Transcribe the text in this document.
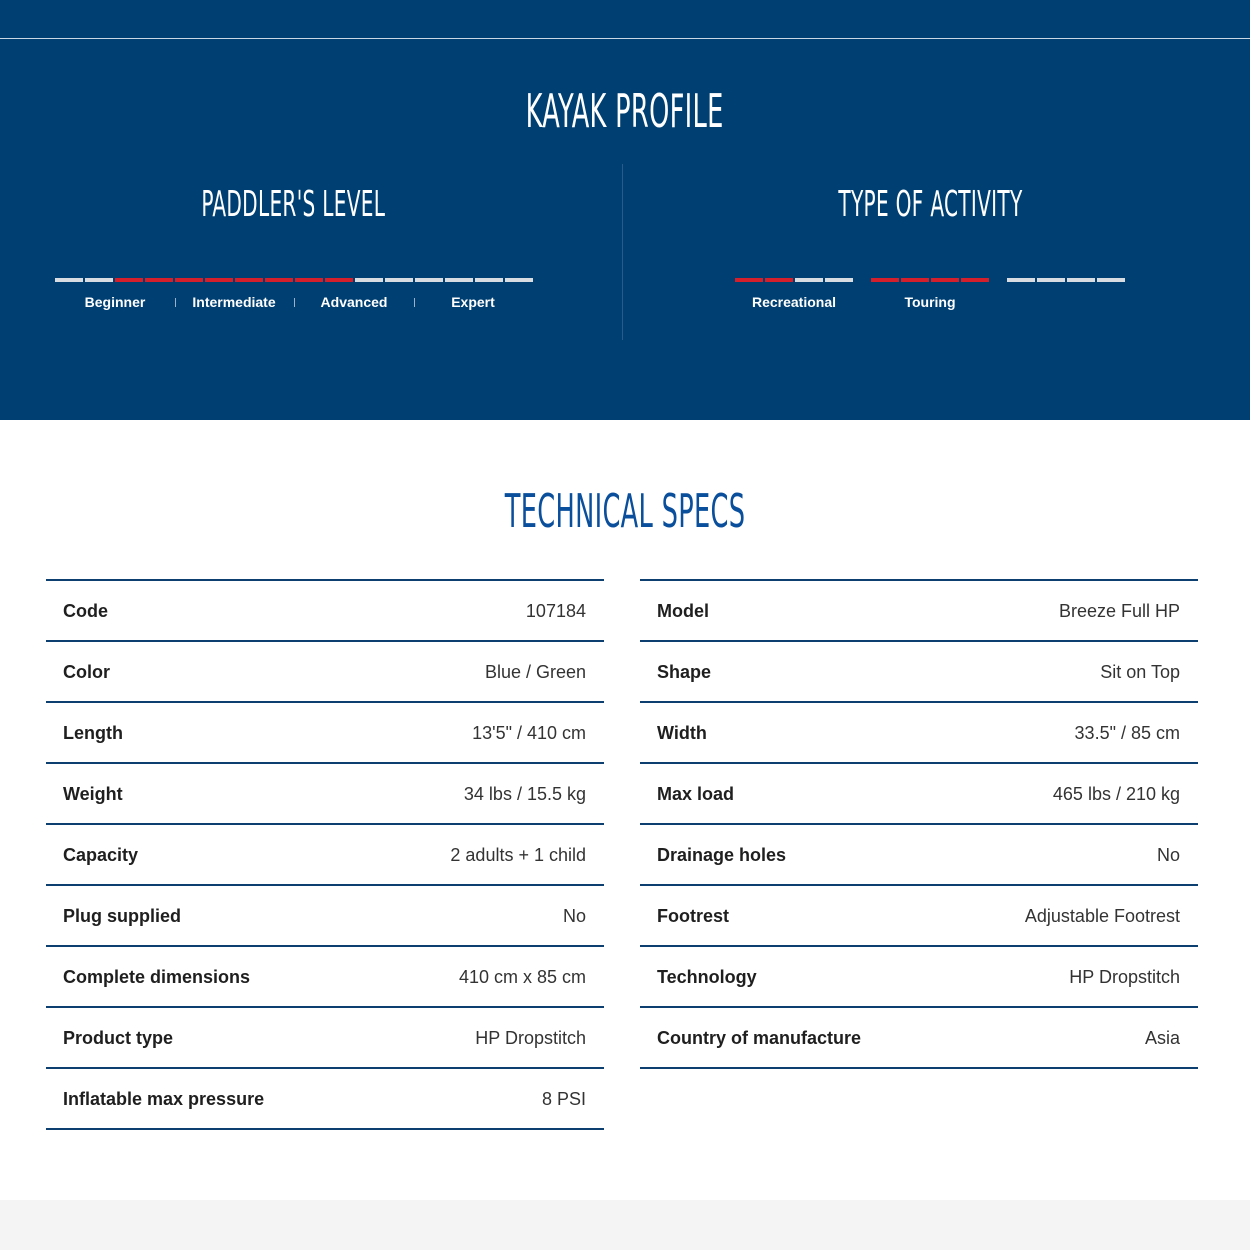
KAYAK PROFILE
PADDLER'S LEVEL
Beginner	Intermediate	Advanced	Expert
TYPE OF ACTIVITY
Recreational	Touring
TECHNICAL SPECS
Code	107184
Color	Blue / Green
Length	13'5" / 410 cm
Weight	34 lbs / 15.5 kg
Capacity	2 adults + 1 child
Plug supplied	No
Complete dimensions	410 cm x 85 cm
Product type	HP Dropstitch
Inflatable max pressure	8 PSI
Model	Breeze Full HP
Shape	Sit on Top
Width	33.5" / 85 cm
Max load	465 lbs / 210 kg
Drainage holes	No
Footrest	Adjustable Footrest
Technology	HP Dropstitch
Country of manufacture	Asia
